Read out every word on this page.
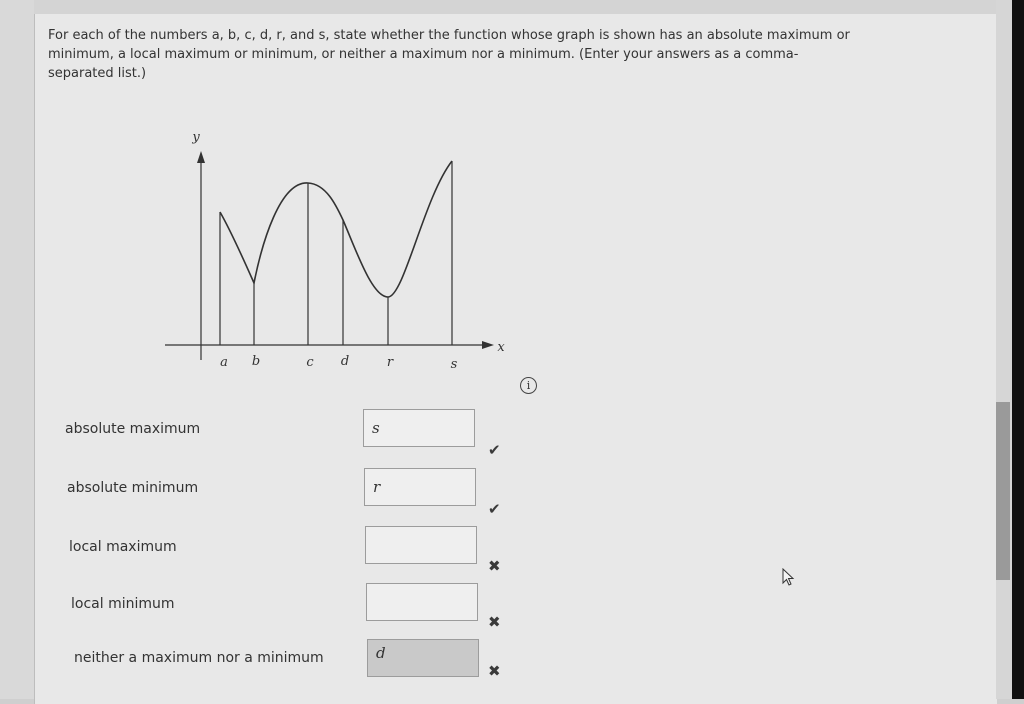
For each of the numbers a, b, c, d, r, and s, state whether the function whose graph is shown has an absolute maximum or
minimum, a local maximum or minimum, or neither a maximum nor a minimum. (Enter your answers as a comma-
separated list.)
y
x
a b	c d	r	s
i
absolute maximum	s
✔
absolute minimum	r
✔
local maximum
✖
local minimum
✖
neither a maximum nor a minimum	d
✖
